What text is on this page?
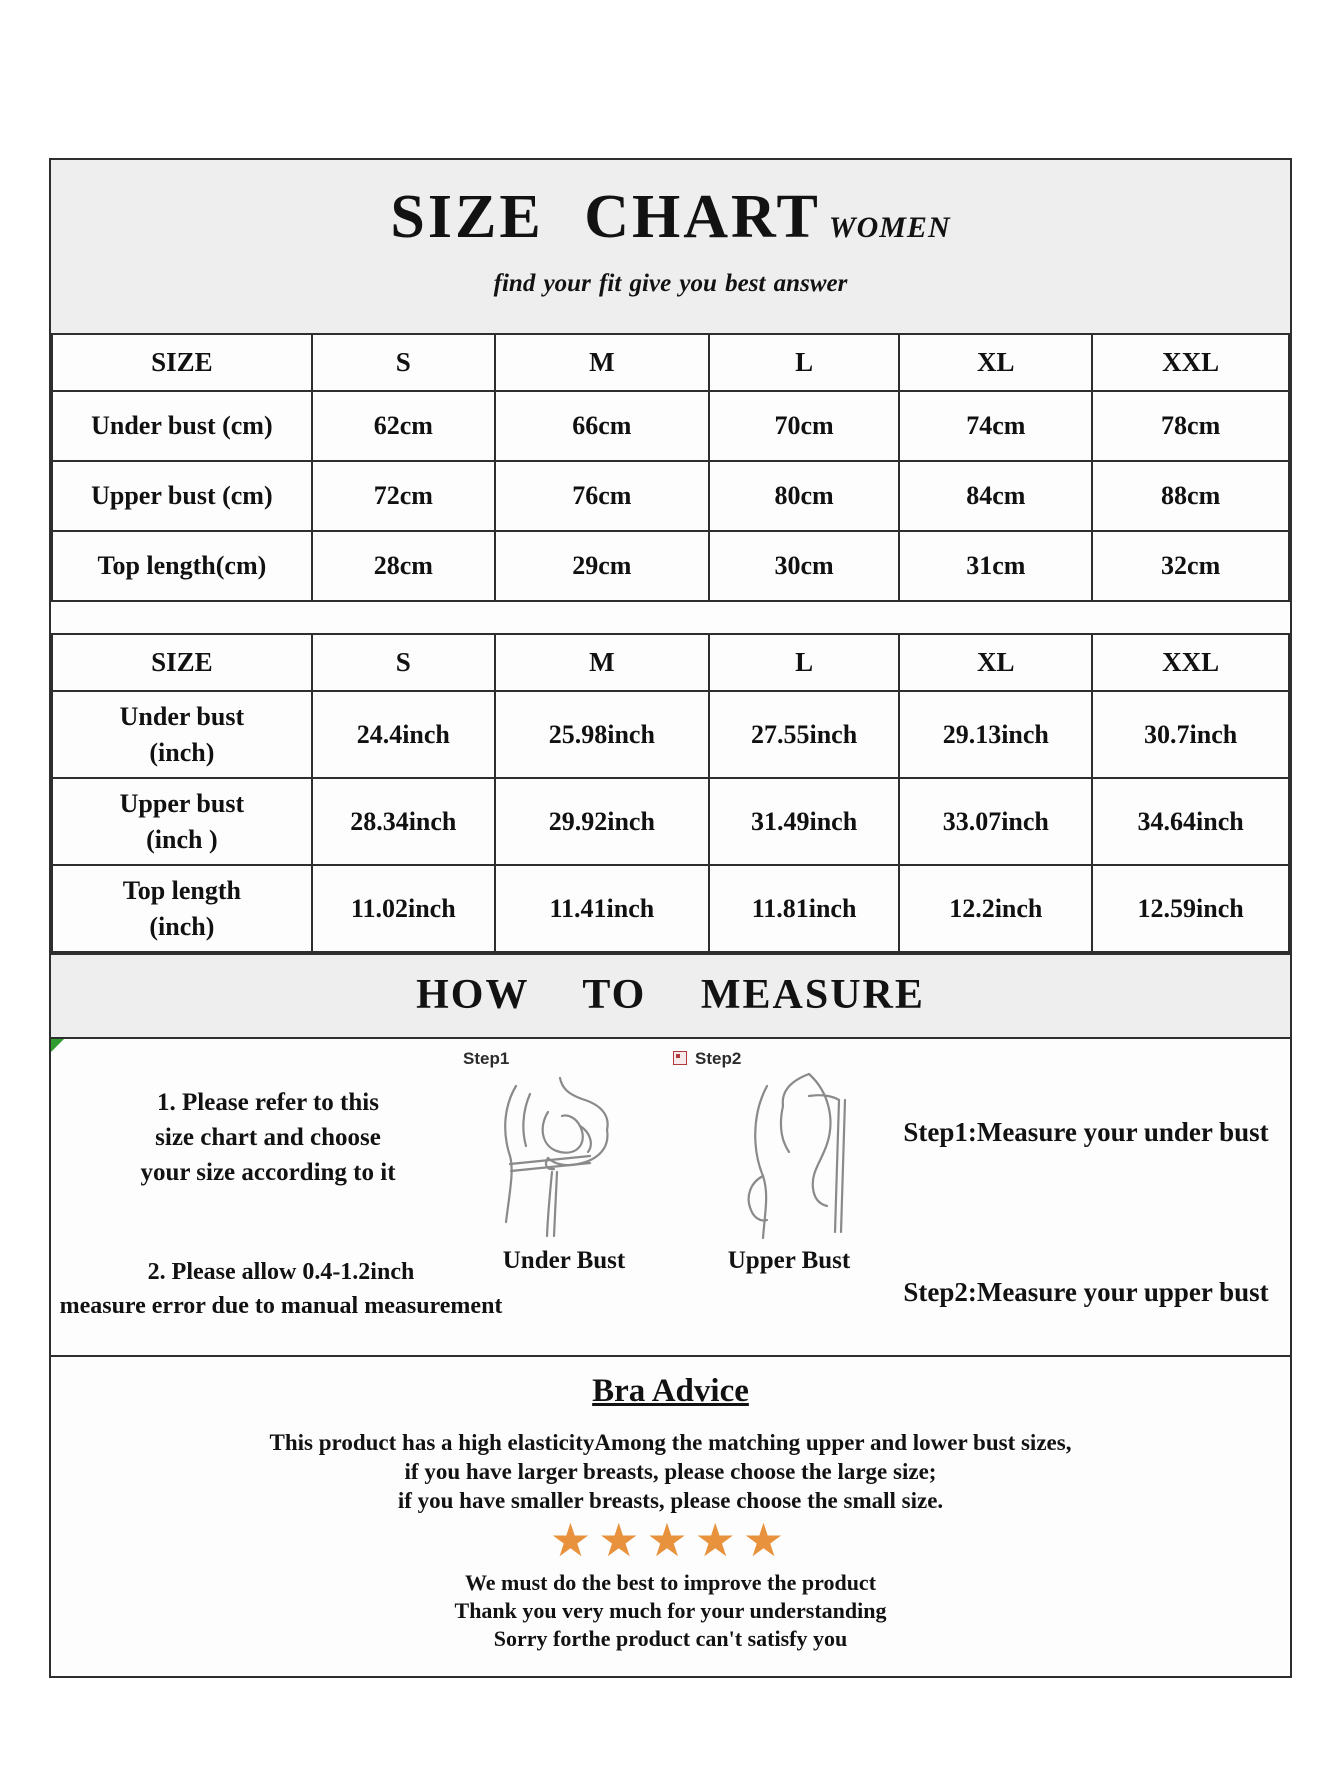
SIZE CHART WOMEN
find your fit give you best answer
SIZE	S	M	L	XL	XXL
Under bust (cm)	62cm	66cm	70cm	74cm	78cm
Upper bust (cm)	72cm	76cm	80cm	84cm	88cm
Top length(cm)	28cm	29cm	30cm	31cm	32cm
SIZE	S	M	L	XL	XXL
Under bust (inch)	24.4inch	25.98inch	27.55inch	29.13inch	30.7inch
Upper bust (inch )	28.34inch	29.92inch	31.49inch	33.07inch	34.64inch
Top length (inch)	11.02inch	11.41inch	11.81inch	12.2inch	12.59inch
HOW TO MEASURE
1. Please refer to this
size chart and choose
your size according to it
2. Please allow 0.4-1.2inch
measure error due to manual measurement
Step1
Under Bust
Step2
Upper Bust
Step1:Measure your under bust
Step2:Measure your upper bust
Bra Advice
This product has a high elasticityAmong the matching upper and lower bust sizes,
if you have larger breasts, please choose the large size;
if you have smaller breasts, please choose the small size.
★★★★★
We must do the best to improve the product
Thank you very much for your understanding
Sorry forthe product can't satisfy you
